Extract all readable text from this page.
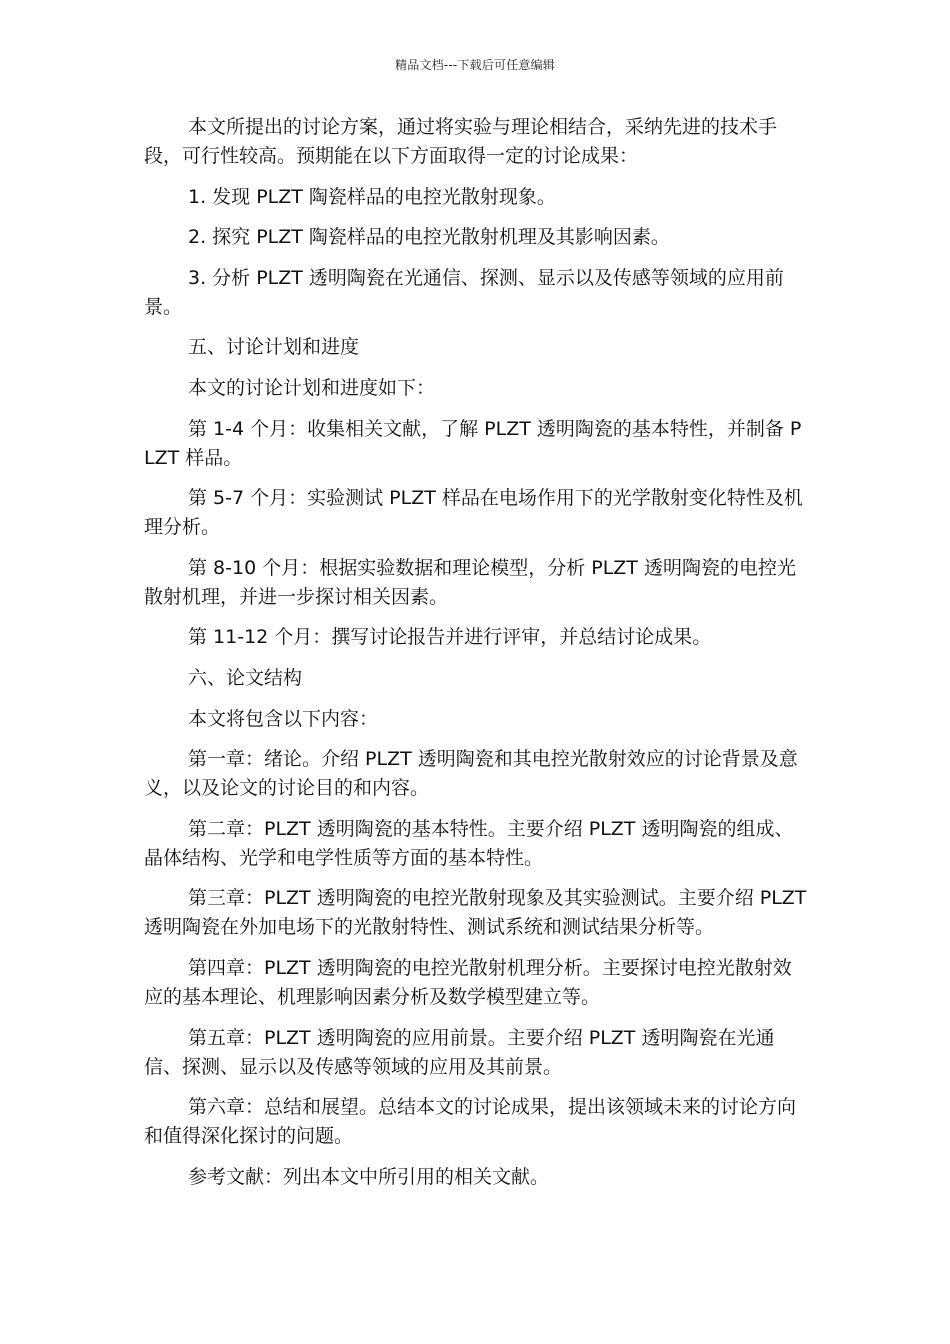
精品文档---下载后可任意编辑

本文所提出的讨论方案，通过将实验与理论相结合，采纳先进的技术手段，可行性较高。预期能在以下方面取得一定的讨论成果：

1. 发现 PLZT 陶瓷样品的电控光散射现象。

2. 探究 PLZT 陶瓷样品的电控光散射机理及其影响因素。

3. 分析 PLZT 透明陶瓷在光通信、探测、显示以及传感等领域的应用前景。

五、讨论计划和进度

本文的讨论计划和进度如下：

第 1-4 个月：收集相关文献，了解 PLZT 透明陶瓷的基本特性，并制备 PLZT 样品。

第 5-7 个月：实验测试 PLZT 样品在电场作用下的光学散射变化特性及机理分析。

第 8-10 个月：根据实验数据和理论模型，分析 PLZT 透明陶瓷的电控光散射机理，并进一步探讨相关因素。

第 11-12 个月：撰写讨论报告并进行评审，并总结讨论成果。

六、论文结构

本文将包含以下内容：

第一章：绪论。介绍 PLZT 透明陶瓷和其电控光散射效应的讨论背景及意义，以及论文的讨论目的和内容。

第二章：PLZT 透明陶瓷的基本特性。主要介绍 PLZT 透明陶瓷的组成、晶体结构、光学和电学性质等方面的基本特性。

第三章：PLZT 透明陶瓷的电控光散射现象及其实验测试。主要介绍 PLZT 透明陶瓷在外加电场下的光散射特性、测试系统和测试结果分析等。

第四章：PLZT 透明陶瓷的电控光散射机理分析。主要探讨电控光散射效应的基本理论、机理影响因素分析及数学模型建立等。

第五章：PLZT 透明陶瓷的应用前景。主要介绍 PLZT 透明陶瓷在光通信、探测、显示以及传感等领域的应用及其前景。

第六章：总结和展望。总结本文的讨论成果，提出该领域未来的讨论方向和值得深化探讨的问题。

参考文献：列出本文中所引用的相关文献。
